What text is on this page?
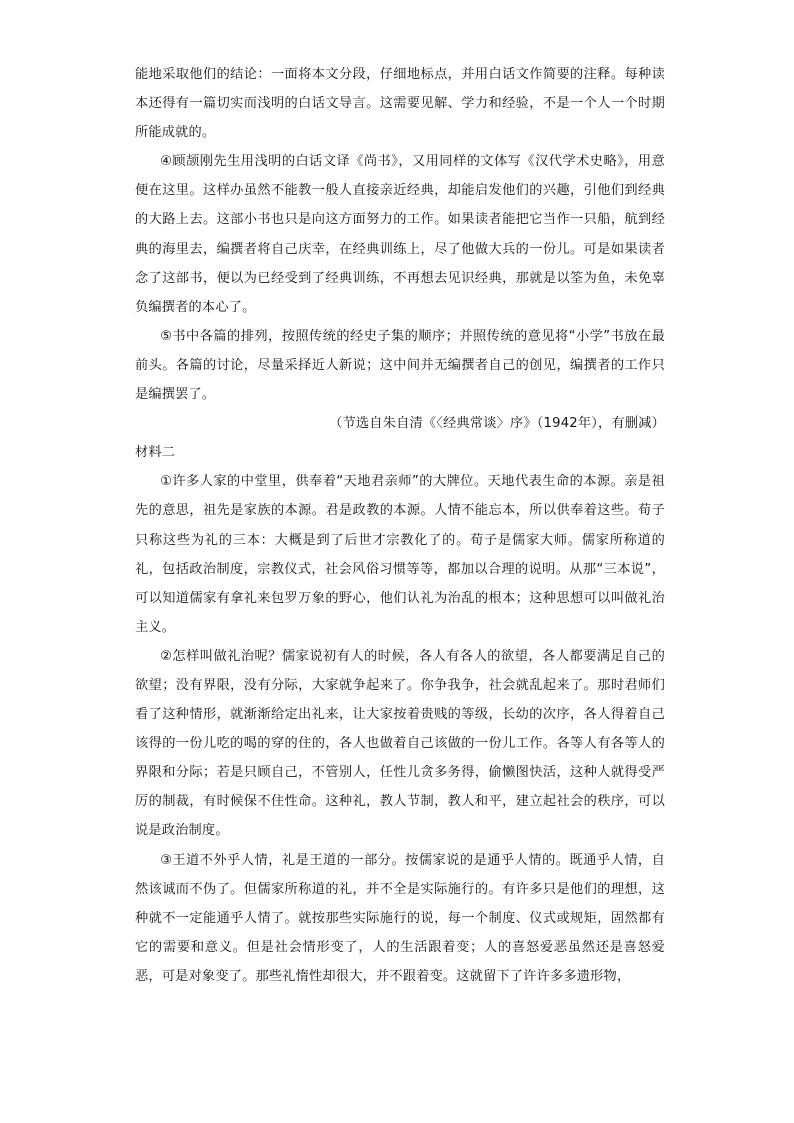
能地采取他们的结论：一面将本文分段，仔细地标点，并用白话文作简要的注释。每种读本还得有一篇切实而浅明的白话文导言。这需要见解、学力和经验，不是一个人一个时期所能成就的。

④顾颉刚先生用浅明的白话文译《尚书》，又用同样的文体写《汉代学术史略》，用意便在这里。这样办虽然不能教一般人直接亲近经典，却能启发他们的兴趣，引他们到经典的大路上去。这部小书也只是向这方面努力的工作。如果读者能把它当作一只船，航到经典的海里去，编撰者将自己庆幸，在经典训练上，尽了他做大兵的一份儿。可是如果读者念了这部书，便以为已经受到了经典训练，不再想去见识经典，那就是以筌为鱼，未免辜负编撰者的本心了。

⑤书中各篇的排列，按照传统的经史子集的顺序；并照传统的意见将“小学”书放在最前头。各篇的讨论，尽量采择近人新说；这中间并无编撰者自己的创见，编撰者的工作只是编撰罢了。

（节选自朱自清《〈经典常谈〉序》（1942年），有删减）

材料二

①许多人家的中堂里，供奉着“天地君亲师”的大牌位。天地代表生命的本源。亲是祖先的意思，祖先是家族的本源。君是政教的本源。人情不能忘本，所以供奉着这些。荀子只称这些为礼的三本：大概是到了后世才宗教化了的。荀子是儒家大师。儒家所称道的礼，包括政治制度，宗教仪式，社会风俗习惯等等，都加以合理的说明。从那“三本说”，可以知道儒家有拿礼来包罗万象的野心，他们认礼为治乱的根本；这种思想可以叫做礼治主义。

②怎样叫做礼治呢？儒家说初有人的时候，各人有各人的欲望，各人都要满足自己的欲望；没有界限，没有分际，大家就争起来了。你争我争，社会就乱起来了。那时君师们看了这种情形，就渐渐给定出礼来，让大家按着贵贱的等级，长幼的次序，各人得着自己该得的一份儿吃的喝的穿的住的，各人也做着自己该做的一份儿工作。各等人有各等人的界限和分际；若是只顾自己，不管别人，任性儿贪多务得，偷懒图快活，这种人就得受严厉的制裁，有时候保不住性命。这种礼，教人节制，教人和平，建立起社会的秩序，可以说是政治制度。

③王道不外乎人情，礼是王道的一部分。按儒家说的是通乎人情的。既通乎人情，自然该诚而不伪了。但儒家所称道的礼，并不全是实际施行的。有许多只是他们的理想，这种就不一定能通乎人情了。就按那些实际施行的说，每一个制度、仪式或规矩，固然都有它的需要和意义。但是社会情形变了，人的生活跟着变；人的喜怒爱恶虽然还是喜怒爱恶，可是对象变了。那些礼惰性却很大，并不跟着变。这就留下了许许多多遗形物，
